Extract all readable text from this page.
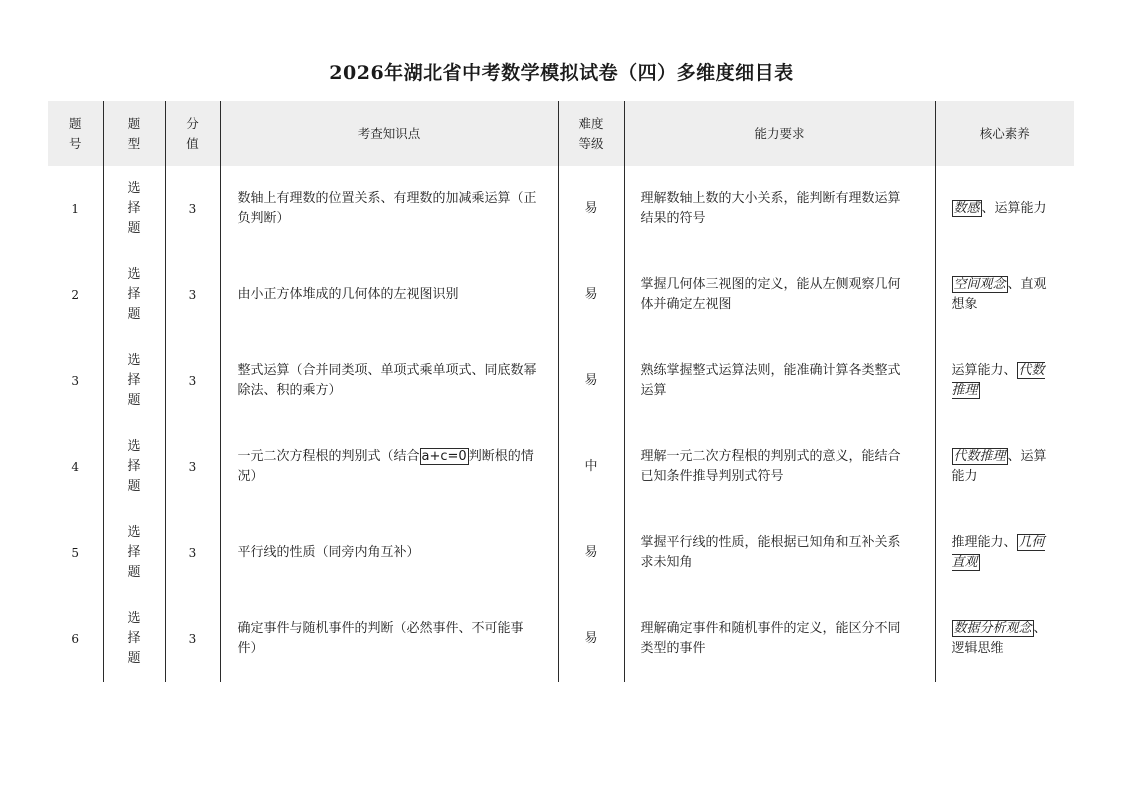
2026年湖北省中考数学模拟试卷（四）多维度细目表
题
号	题
型	分
值	考查知识点	难度
等级	能力要求	核心素养
1	选
择
题	3	数轴上有理数的位置关系、有理数的加减乘运算（正负判断）	易	理解数轴上数的大小关系，能判断有理数运算结果的符号	数感 、运算能力
2	选
择
题	3	由小正方体堆成的几何体的左视图识别	易	掌握几何体三视图的定义，能从左侧观察几何体并确定左视图	空间观念 、直观想象
3	选
择
题	3	整式运算（合并同类项、单项式乘单项式、同底数幂除法、积的乘方）	易	熟练掌握整式运算法则，能准确计算各类整式运算	运算能力、 代数推理
4	选
择
题	3	一元二次方程根的判别式（结合 a+c=0 判断根的情况）	中	理解一元二次方程根的判别式的意义，能结合已知条件推导判别式符号	代数推理 、运算能力
5	选
择
题	3	平行线的性质（同旁内角互补）	易	掌握平行线的性质，能根据已知角和互补关系求未知角	推理能力、 几何直观
6	选
择
题	3	确定事件与随机事件的判断（必然事件、不可能事件）	易	理解确定事件和随机事件的定义，能区分不同类型的事件	数据分析观念 、逻辑思维
